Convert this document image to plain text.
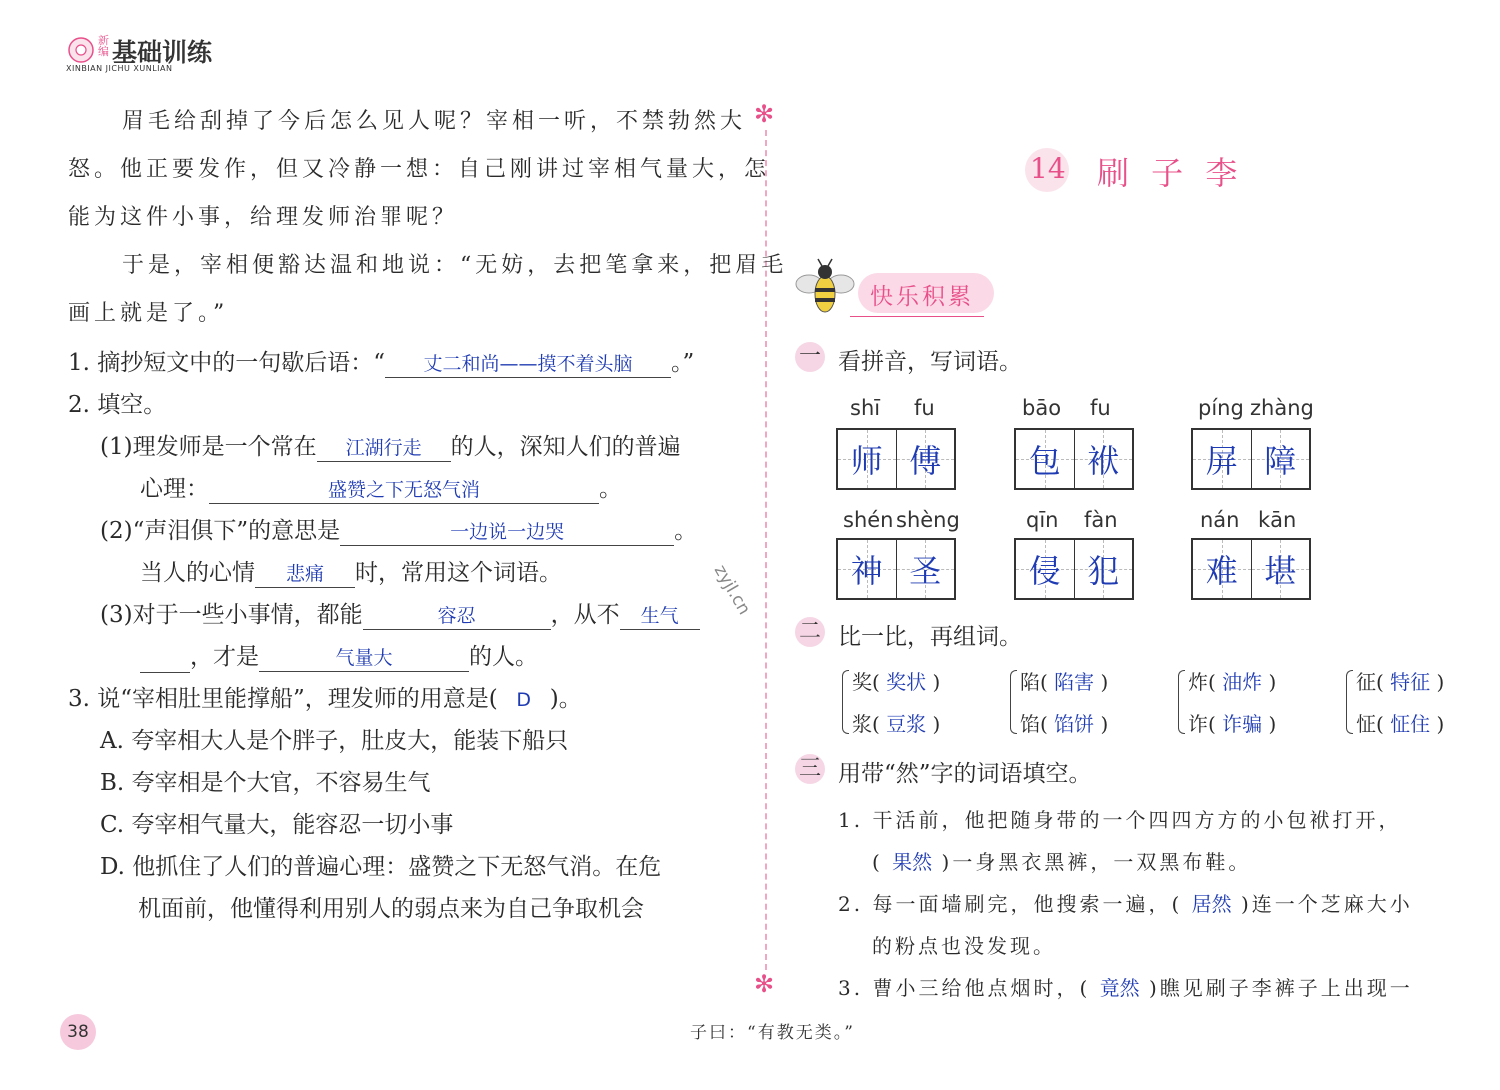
新编 基础训练
XINBIAN JICHU XUNLIAN
✻
✻
zyjl.cn
眉毛给刮掉了今后怎么见人呢？宰相一听，不禁勃然大
怒。他正要发作，但又冷静一想：自己刚讲过宰相气量大，怎
能为这件小事，给理发师治罪呢？
于是，宰相便豁达温和地说：“无妨，去把笔拿来，把眉毛
画上就是了。”
1. 摘抄短文中的一句歇后语：“ 丈二和尚——摸不着头脑 。”
2. 填空。
(1)理发师是一个常在 江湖行走 的人，深知人们的普遍
心理：	盛赞之下无怒气消	。
(2)“声泪俱下”的意思是	一边说一边哭	。
当人的心情 悲痛 时，常用这个词语。
(3)对于一些小事情，都能	容忍	，从不 生气
，才是	气量大	的人。
3. 说“宰相肚里能撑船”，理发师的用意是( D )。
A. 夸宰相大人是个胖子，肚皮大，能装下船只
B. 夸宰相是个大官，不容易生气
C. 夸宰相气量大，能容忍一切小事
D. 他抓住了人们的普遍心理：盛赞之下无怒气消。在危
机面前，他懂得利用别人的弱点来为自己争取机会
38	子曰：“有教无类。”
14 刷 子 李
快乐积累
一 看拼音，写词语。
shī fu
师 傅
bāo fu
包 袱
píng zhàng
屏 障
shén shèng
神 圣
qīn fàn
侵 犯
nán kān
难 堪
二 比一比，再组词。
奖( 奖状 )
浆( 豆浆 )
陷( 陷害 )
馅( 馅饼 )
炸( 油炸 )
诈( 诈骗 )
征( 特征 )
怔( 怔住 )
三 用带“然”字的词语填空。
1. 干活前，他把随身带的一个四四方方的小包袱打开，
( 果然 )一身黑衣黑裤，一双黑布鞋。
2. 每一面墙刷完，他搜索一遍，( 居然 )连一个芝麻大小
的粉点也没发现。
3. 曹小三给他点烟时，( 竟然 )瞧见刷子李裤子上出现一
